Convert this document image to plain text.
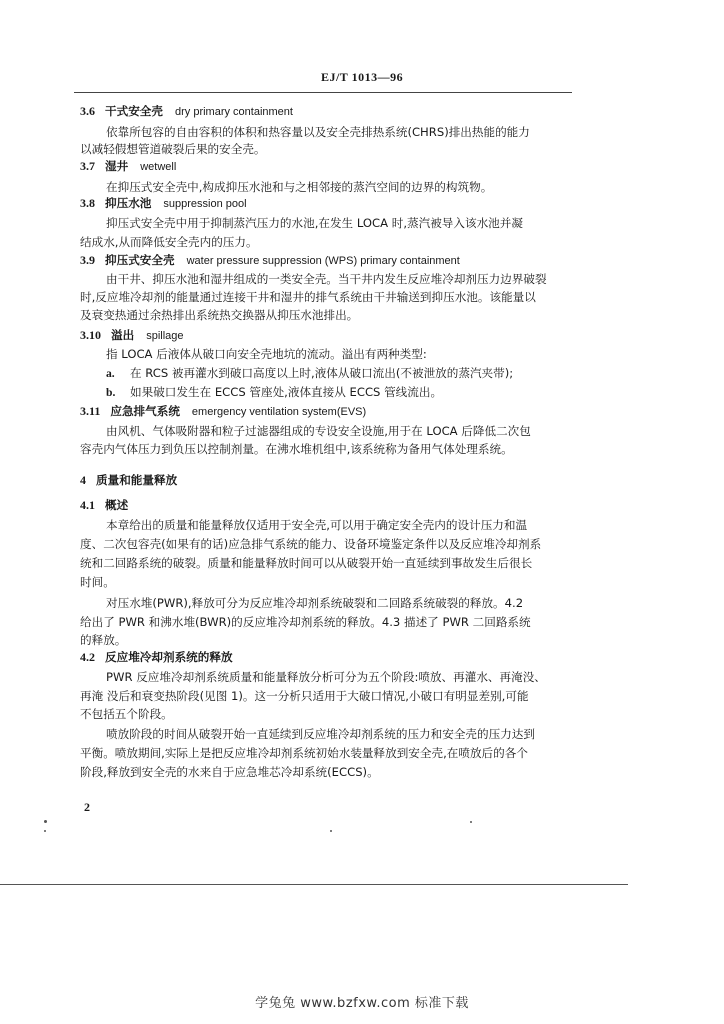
EJ/T 1013—96
3.6 干式安全壳 dry primary containment
依靠所包容的自由容积的体积和热容量以及安全壳排热系统(CHRS)排出热能的能力
以减轻假想管道破裂后果的安全壳。
3.7 湿井 wetwell
在抑压式安全壳中,构成抑压水池和与之相邻接的蒸汽空间的边界的构筑物。
3.8 抑压水池 suppression pool
抑压式安全壳中用于抑制蒸汽压力的水池,在发生 LOCA 时,蒸汽被导入该水池并凝
结成水,从而降低安全壳内的压力。
3.9 抑压式安全壳 water pressure suppression (WPS) primary containment
由干井、抑压水池和湿井组成的一类安全壳。当干井内发生反应堆冷却剂压力边界破裂
时,反应堆冷却剂的能量通过连接干井和湿井的排气系统由干井输送到抑压水池。该能量以
及衰变热通过余热排出系统热交换器从抑压水池排出。
3.10 溢出 spillage
指 LOCA 后液体从破口向安全壳地坑的流动。溢出有两种类型:
a. 在 RCS 被再灌水到破口高度以上时,液体从破口流出(不被泄放的蒸汽夹带);
b. 如果破口发生在 ECCS 管座处,液体直接从 ECCS 管线流出。
3.11 应急排气系统 emergency ventilation system(EVS)
由风机、气体吸附器和粒子过滤器组成的专设安全设施,用于在 LOCA 后降低二次包
容壳内气体压力到负压以控制剂量。在沸水堆机组中,该系统称为备用气体处理系统。
4 质量和能量释放
4.1 概述
本章给出的质量和能量释放仅适用于安全壳,可以用于确定安全壳内的设计压力和温
度、二次包容壳(如果有的话)应急排气系统的能力、设备环境鉴定条件以及反应堆冷却剂系
统和二回路系统的破裂。质量和能量释放时间可以从破裂开始一直延续到事故发生后很长
时间。
对压水堆(PWR),释放可分为反应堆冷却剂系统破裂和二回路系统破裂的释放。4.2
给出了 PWR 和沸水堆(BWR)的反应堆冷却剂系统的释放。4.3 描述了 PWR 二回路系统
的释放。
4.2 反应堆冷却剂系统的释放
PWR 反应堆冷却剂系统质量和能量释放分析可分为五个阶段:喷放、再灌水、再淹没、
再淹 没后和衰变热阶段(见图 1)。这一分析只适用于大破口情况,小破口有明显差别,可能
不包括五个阶段。
喷放阶段的时间从破裂开始一直延续到反应堆冷却剂系统的压力和安全壳的压力达到
平衡。喷放期间,实际上是把反应堆冷却剂系统初始水装量释放到安全壳,在喷放后的各个
阶段,释放到安全壳的水来自于应急堆芯冷却系统(ECCS)。
2
学兔兔 www.bzfxw.com 标准下载
